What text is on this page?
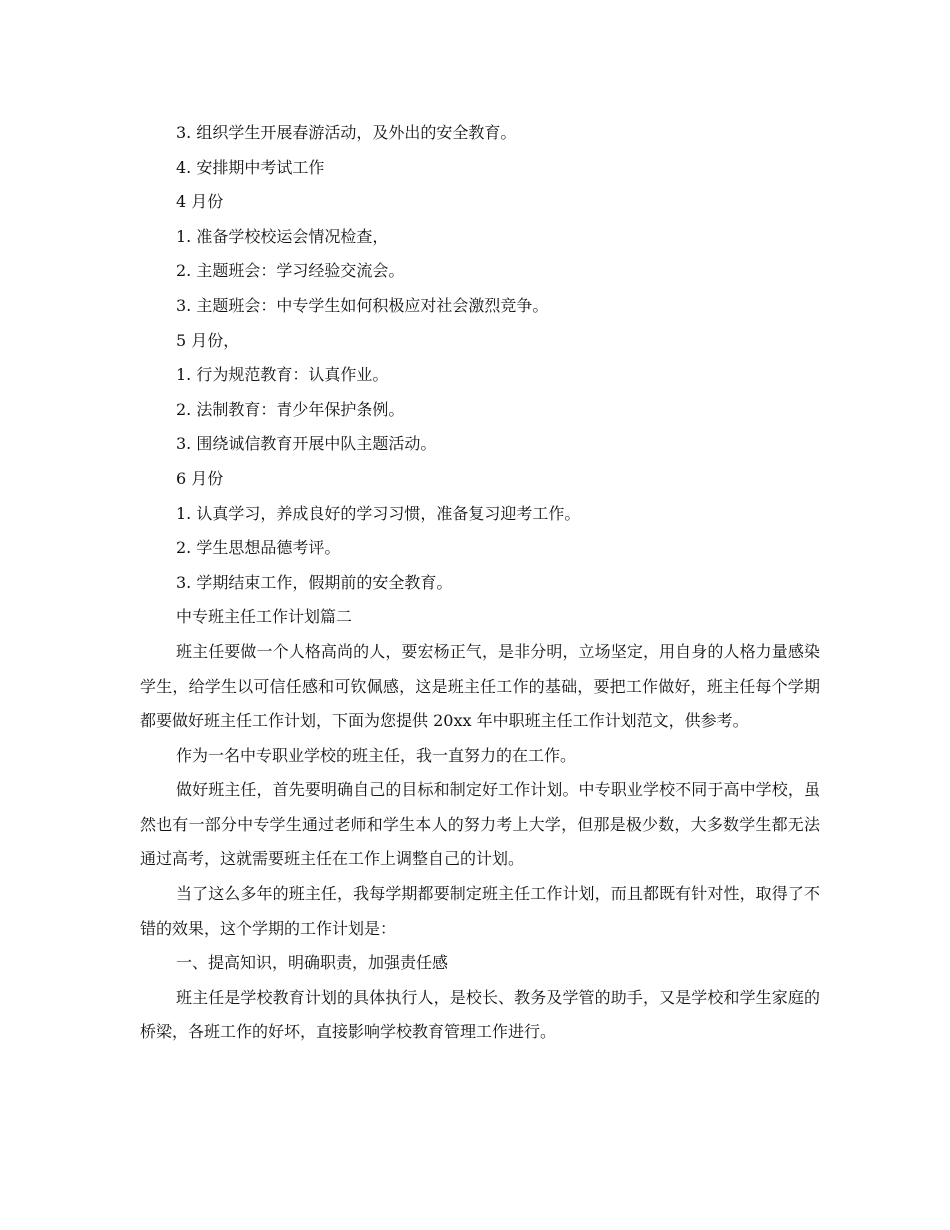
3. 组织学生开展春游活动，及外出的安全教育。
4. 安排期中考试工作
4 月份
1. 准备学校校运会情况检查，
2. 主题班会：学习经验交流会。
3. 主题班会：中专学生如何积极应对社会激烈竞争。
5 月份，
1. 行为规范教育：认真作业。
2. 法制教育：青少年保护条例。
3. 围绕诚信教育开展中队主题活动。
6 月份
1. 认真学习，养成良好的学习习惯，准备复习迎考工作。
2. 学生思想品德考评。
3. 学期结束工作，假期前的安全教育。
中专班主任工作计划篇二

班主任要做一个人格高尚的人，要宏杨正气，是非分明，立场坚定，用自身的人格力量感染学生，给学生以可信任感和可钦佩感，这是班主任工作的基础，要把工作做好，班主任每个学期都要做好班主任工作计划，下面为您提供 20xx 年中职班主任工作计划范文，供参考。

作为一名中专职业学校的班主任，我一直努力的在工作。

做好班主任，首先要明确自己的目标和制定好工作计划。中专职业学校不同于高中学校，虽然也有一部分中专学生通过老师和学生本人的努力考上大学，但那是极少数，大多数学生都无法通过高考，这就需要班主任在工作上调整自己的计划。

当了这么多年的班主任，我每学期都要制定班主任工作计划，而且都既有针对性，取得了不错的效果，这个学期的工作计划是：

一、提高知识，明确职责，加强责任感

班主任是学校教育计划的具体执行人，是校长、教务及学管的助手，又是学校和学生家庭的桥梁，各班工作的好坏，直接影响学校教育管理工作进行。
